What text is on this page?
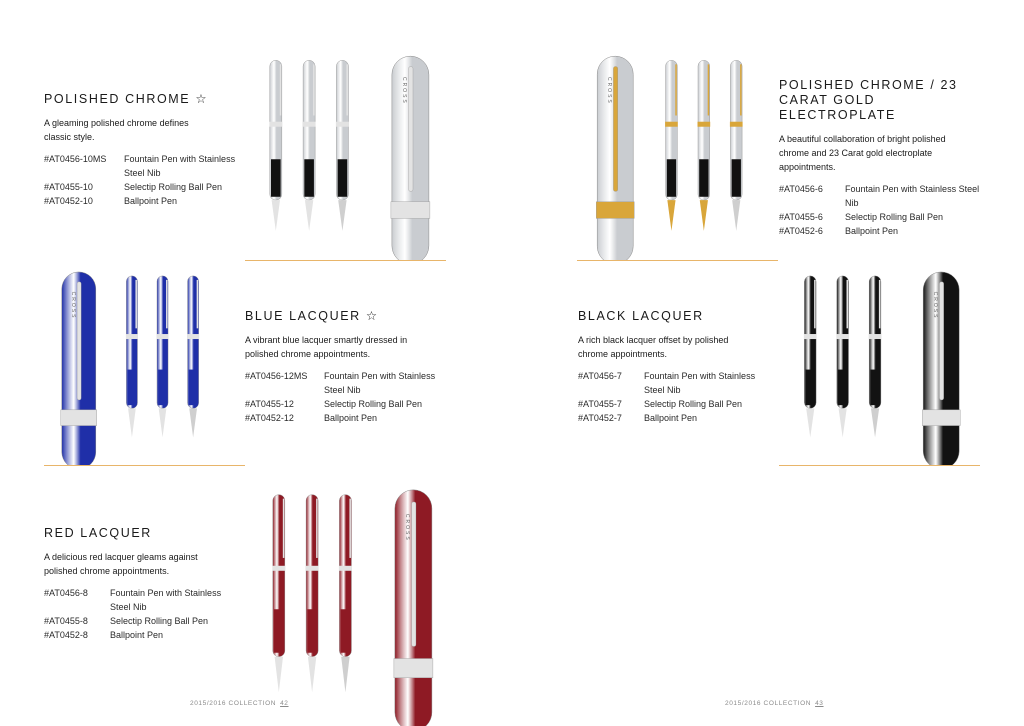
POLISHED CHROME ☆
A gleaming polished chrome defines classic style.
#AT0456-10MS	Fountain Pen with Stainless Steel Nib
#AT0455-10	Selectip Rolling Ball Pen
#AT0452-10	Ballpoint Pen
POLISHED CHROME / 23 CARAT GOLD ELECTROPLATE
A beautiful collaboration of bright polished chrome and 23 Carat gold electroplate appointments.
#AT0456-6	Fountain Pen with Stainless Steel Nib
#AT0455-6	Selectip Rolling Ball Pen
#AT0452-6	Ballpoint Pen
BLUE LACQUER ☆
A vibrant blue lacquer smartly dressed in polished chrome appointments.
#AT0456-12MS	Fountain Pen with Stainless Steel Nib
#AT0455-12	Selectip Rolling Ball Pen
#AT0452-12	Ballpoint Pen
BLACK LACQUER
A rich black lacquer offset by polished chrome appointments.
#AT0456-7	Fountain Pen with Stainless Steel Nib
#AT0455-7	Selectip Rolling Ball Pen
#AT0452-7	Ballpoint Pen
RED LACQUER
A delicious red lacquer gleams against polished chrome appointments.
#AT0456-8	Fountain Pen with Stainless Steel Nib
#AT0455-8	Selectip Rolling Ball Pen
#AT0452-8	Ballpoint Pen
CROSS	CROSS
CROSS	CROSS
CROSS
2015/2016 COLLECTION 42	2015/2016 COLLECTION 43
